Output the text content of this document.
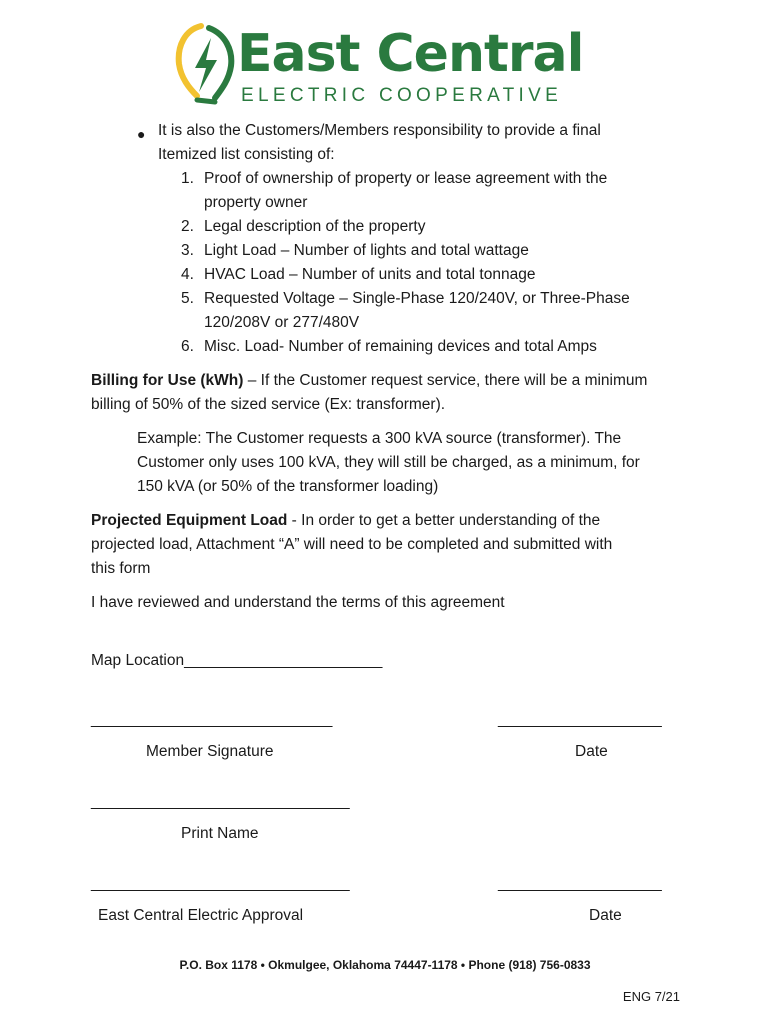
East Central
ELECTRIC COOPERATIVE
● It is also the Customers/Members responsibility to provide a final
Itemized list consisting of:
1. Proof of ownership of property or lease agreement with the
property owner
2. Legal description of the property
3. Light Load – Number of lights and total wattage
4. HVAC Load – Number of units and total tonnage
5. Requested Voltage – Single-Phase 120/240V, or Three-Phase
120/208V or 277/480V
6. Misc. Load- Number of remaining devices and total Amps
Billing for Use (kWh) – If the Customer request service, there will be a minimum
billing of 50% of the sized service (Ex: transformer).
Example: The Customer requests a 300 kVA source (transformer). The
Customer only uses 100 kVA, they will still be charged, as a minimum, for
150 kVA (or 50% of the transformer loading)
Projected Equipment Load - In order to get a better understanding of the
projected load, Attachment “A” will need to be completed and submitted with
this form
I have reviewed and understand the terms of this agreement
Map Location_______________________
____________________________	___________________
Member Signature	Date
______________________________
Print Name
______________________________	___________________
East Central Electric Approval	Date
P.O. Box 1178 • Okmulgee, Oklahoma 74447-1178 • Phone (918) 756-0833
ENG 7/21
